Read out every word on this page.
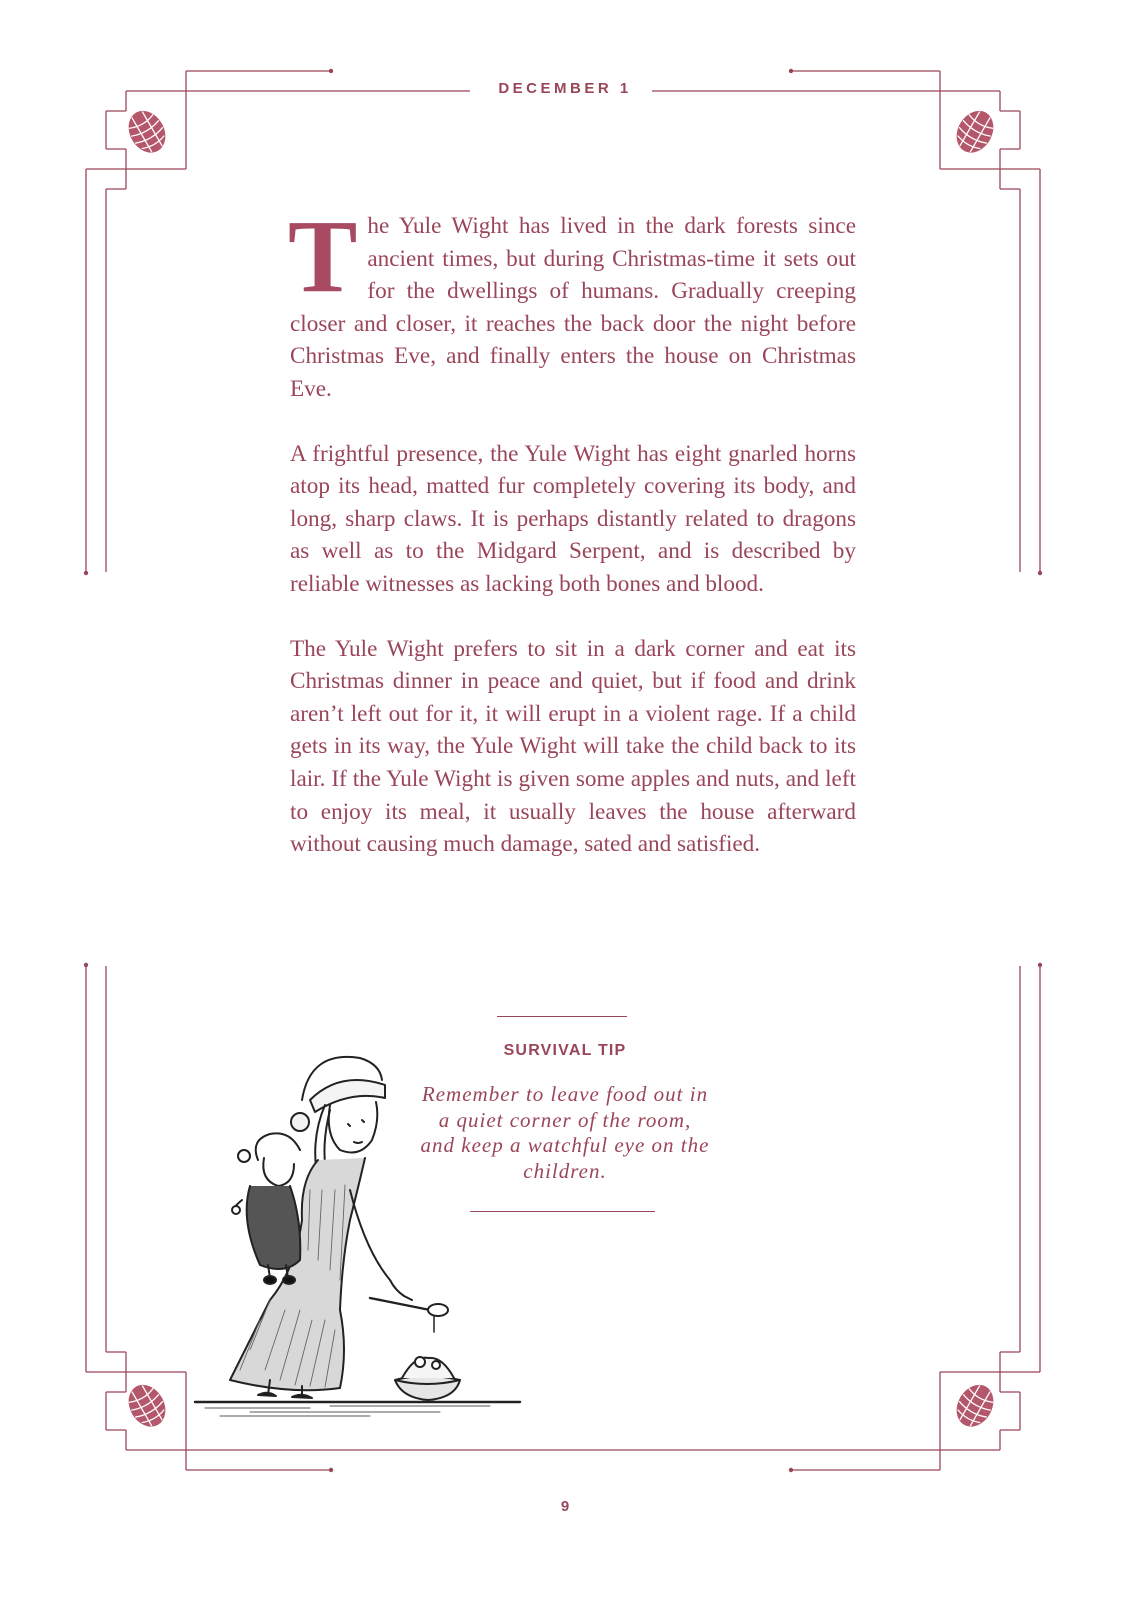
DECEMBER 1

The Yule Wight has lived in the dark forests since ancient times, but during Christmas-time it sets out for the dwellings of humans. Gradually creeping closer and closer, it reaches the back door the night before Christmas Eve, and finally enters the house on Christmas Eve.

A frightful presence, the Yule Wight has eight gnarled horns atop its head, matted fur completely covering its body, and long, sharp claws. It is perhaps distantly related to dragons as well as to the Midgard Serpent, and is described by reliable witnesses as lacking both bones and blood.

The Yule Wight prefers to sit in a dark corner and eat its Christmas dinner in peace and quiet, but if food and drink aren’t left out for it, it will erupt in a violent rage. If a child gets in its way, the Yule Wight will take the child back to its lair. If the Yule Wight is given some apples and nuts, and left to enjoy its meal, it usually leaves the house afterward without causing much damage, sated and satisfied.

SURVIVAL TIP
Remember to leave food out in a quiet corner of the room, and keep a watchful eye on the children.
9
